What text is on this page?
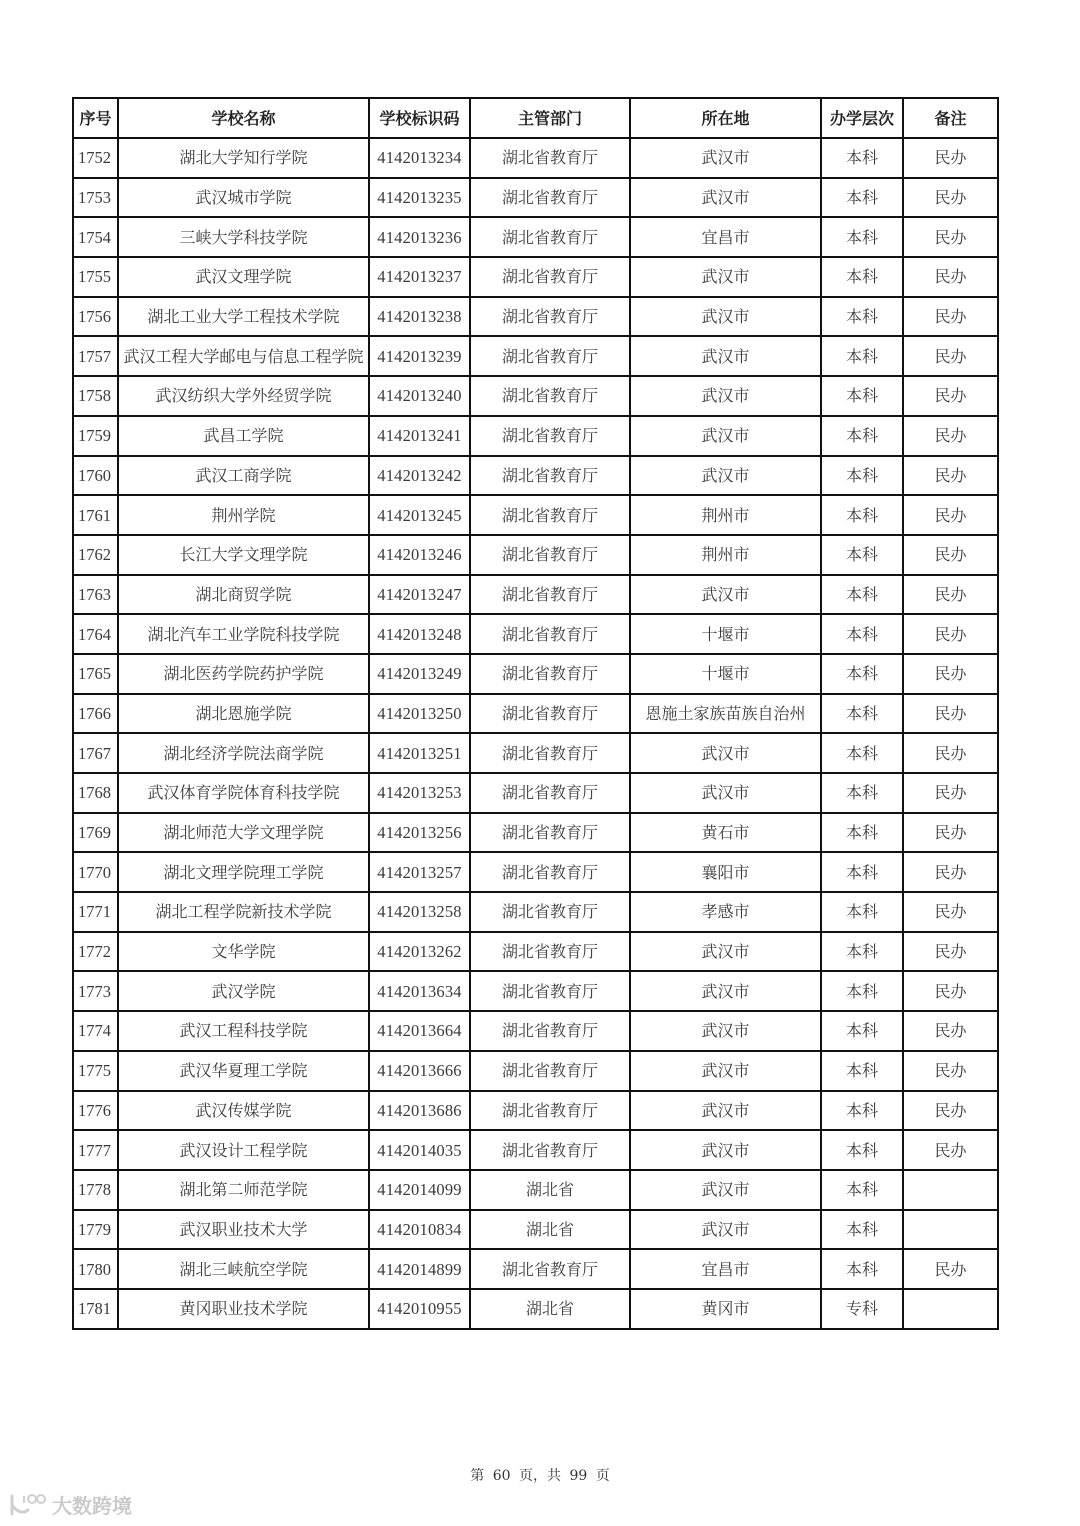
序号	学校名称	学校标识码	主管部门	所在地	办学层次	备注
1752	湖北大学知行学院	4142013234	湖北省教育厅	武汉市	本科	民办
1753	武汉城市学院	4142013235	湖北省教育厅	武汉市	本科	民办
1754	三峡大学科技学院	4142013236	湖北省教育厅	宜昌市	本科	民办
1755	武汉文理学院	4142013237	湖北省教育厅	武汉市	本科	民办
1756	湖北工业大学工程技术学院	4142013238	湖北省教育厅	武汉市	本科	民办
1757	武汉工程大学邮电与信息工程学院	4142013239	湖北省教育厅	武汉市	本科	民办
1758	武汉纺织大学外经贸学院	4142013240	湖北省教育厅	武汉市	本科	民办
1759	武昌工学院	4142013241	湖北省教育厅	武汉市	本科	民办
1760	武汉工商学院	4142013242	湖北省教育厅	武汉市	本科	民办
1761	荆州学院	4142013245	湖北省教育厅	荆州市	本科	民办
1762	长江大学文理学院	4142013246	湖北省教育厅	荆州市	本科	民办
1763	湖北商贸学院	4142013247	湖北省教育厅	武汉市	本科	民办
1764	湖北汽车工业学院科技学院	4142013248	湖北省教育厅	十堰市	本科	民办
1765	湖北医药学院药护学院	4142013249	湖北省教育厅	十堰市	本科	民办
1766	湖北恩施学院	4142013250	湖北省教育厅	恩施土家族苗族自治州	本科	民办
1767	湖北经济学院法商学院	4142013251	湖北省教育厅	武汉市	本科	民办
1768	武汉体育学院体育科技学院	4142013253	湖北省教育厅	武汉市	本科	民办
1769	湖北师范大学文理学院	4142013256	湖北省教育厅	黄石市	本科	民办
1770	湖北文理学院理工学院	4142013257	湖北省教育厅	襄阳市	本科	民办
1771	湖北工程学院新技术学院	4142013258	湖北省教育厅	孝感市	本科	民办
1772	文华学院	4142013262	湖北省教育厅	武汉市	本科	民办
1773	武汉学院	4142013634	湖北省教育厅	武汉市	本科	民办
1774	武汉工程科技学院	4142013664	湖北省教育厅	武汉市	本科	民办
1775	武汉华夏理工学院	4142013666	湖北省教育厅	武汉市	本科	民办
1776	武汉传媒学院	4142013686	湖北省教育厅	武汉市	本科	民办
1777	武汉设计工程学院	4142014035	湖北省教育厅	武汉市	本科	民办
1778	湖北第二师范学院	4142014099	湖北省	武汉市	本科	
1779	武汉职业技术大学	4142010834	湖北省	武汉市	本科	
1780	湖北三峡航空学院	4142014899	湖北省教育厅	宜昌市	本科	民办
1781	黄冈职业技术学院	4142010955	湖北省	黄冈市	专科	
第 60 页，共 99 页
大数跨境
